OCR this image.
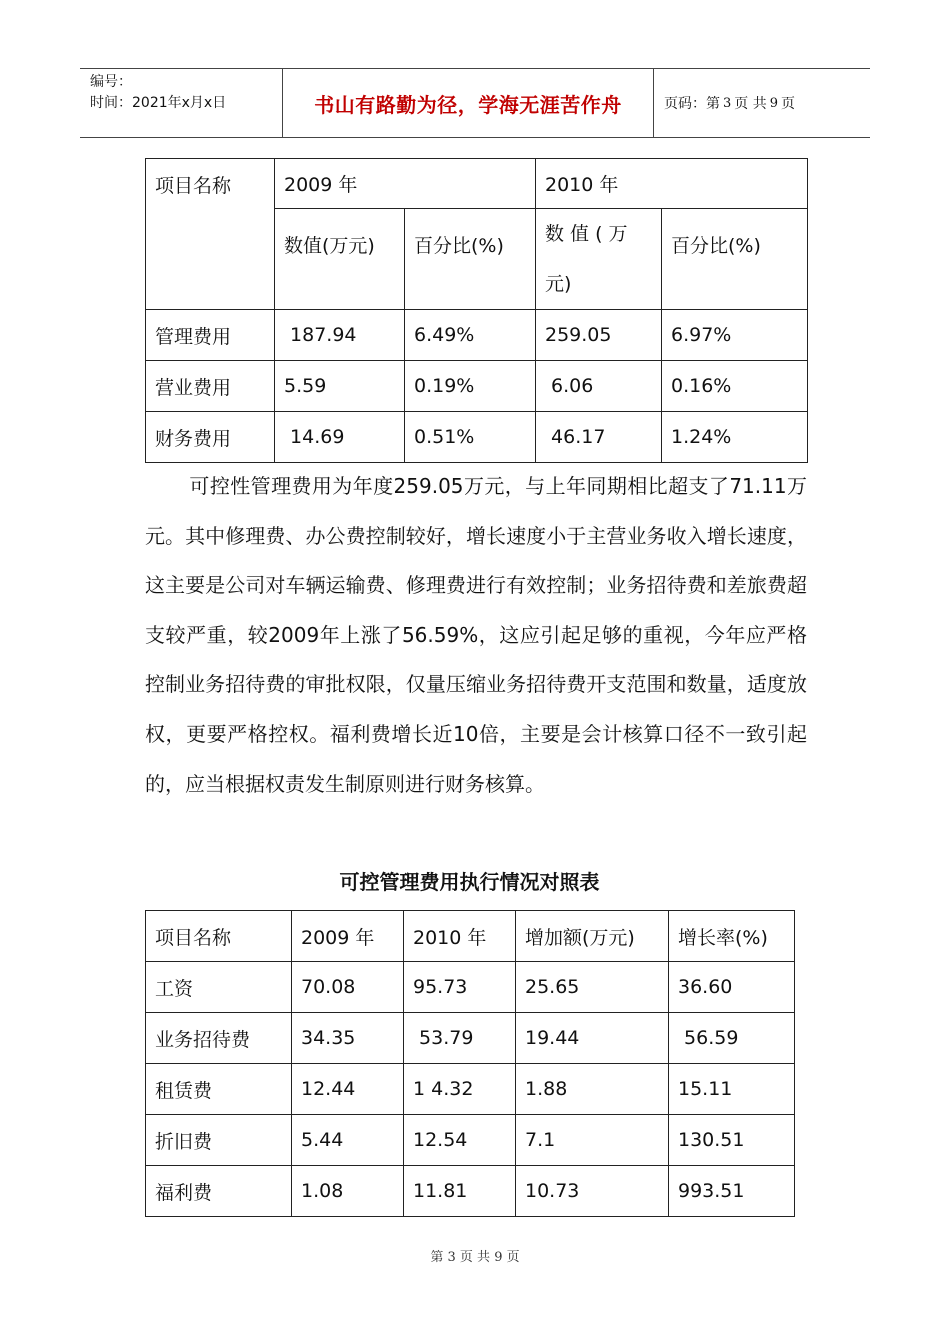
编号：
时间：2021年x月x日	书山有路勤为径，学海无涯苦作舟	页码：第 3 页 共 9 页
项目名称	2009 年		2010 年	
	数值(万元)	百分比(%)	数 值 ( 万
元)	百分比(%)
管理费用	187.94	6.49%	259.05	6.97%
营业费用	5.59	0.19%	6.06	0.16%
财务费用	14.69	0.51%	46.17	1.24%
可控性管理费用为年度259.05万元，与上年同期相比超支了71.11万元。其中修理费、办公费控制较好，增长速度小于主营业务收入增长速度，这主要是公司对车辆运输费、修理费进行有效控制；业务招待费和差旅费超支较严重，较2009年上涨了56.59%，这应引起足够的重视，今年应严格控制业务招待费的审批权限，仅量压缩业务招待费开支范围和数量，适度放权，更要严格控权。福利费增长近10倍，主要是会计核算口径不一致引起的，应当根据权责发生制原则进行财务核算。
可控管理费用执行情况对照表
项目名称	2009 年	2010 年	增加额(万元)	增长率(%)
工资	70.08	95.73	25.65	36.60
业务招待费	34.35	53.79	19.44	56.59
租赁费	12.44	1 4.32	1.88	15.11
折旧费	5.44	12.54	7.1	130.51
福利费	1.08	11.81	10.73	993.51
第 3 页 共 9 页
